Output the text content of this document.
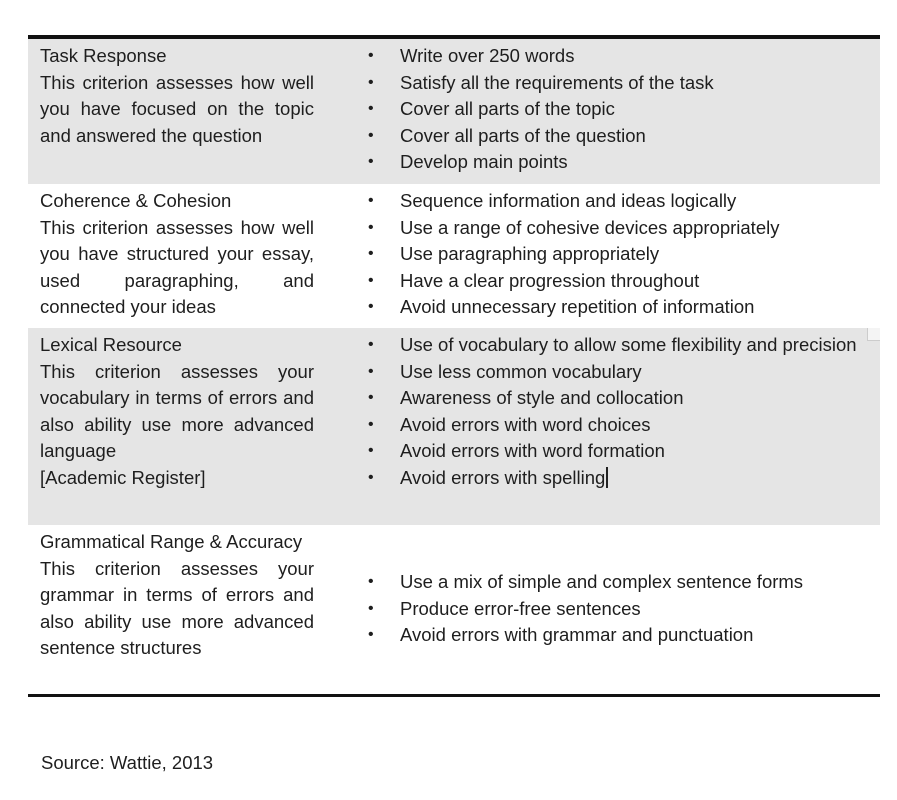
Task Response
This criterion assesses how well you have focused on the topic and answered the question
• Write over 250 words
• Satisfy all the requirements of the task
• Cover all parts of the topic
• Cover all parts of the question
• Develop main points
Coherence & Cohesion
This criterion assesses how well you have structured your essay, used paragraphing, and connected your ideas
• Sequence information and ideas logically
• Use a range of cohesive devices appropriately
• Use paragraphing appropriately
• Have a clear progression throughout
• Avoid unnecessary repetition of information
Lexical Resource
This criterion assesses your vocabulary in terms of errors and also ability use more advanced language
[Academic Register]
• Use of vocabulary to allow some flexibility and precision
• Use less common vocabulary
• Awareness of style and collocation
• Avoid errors with word choices
• Avoid errors with word formation
• Avoid errors with spelling
Grammatical Range & Accuracy
This criterion assesses your grammar in terms of errors and also ability use more advanced sentence structures
• Use a mix of simple and complex sentence forms
• Produce error-free sentences
• Avoid errors with grammar and punctuation
Source: Wattie, 2013
